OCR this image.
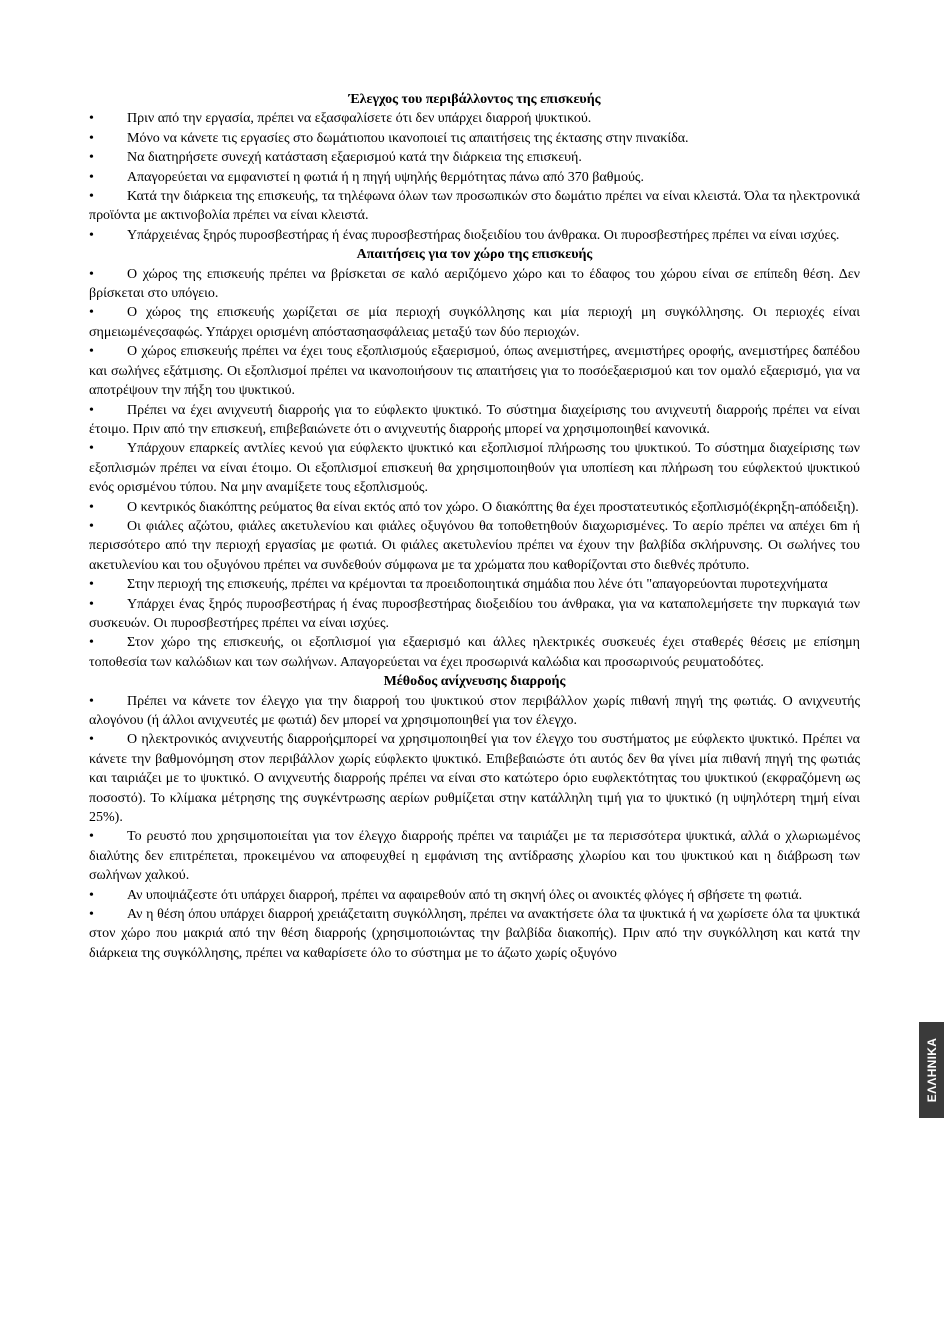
Έλεγχος του περιβάλλοντος της επισκευής

• Πριν από την εργασία, πρέπει να εξασφαλίσετε ότι δεν υπάρχει διαρροή ψυκτικού.

• Μόνο να κάνετε τις εργασίες στο δωμάτιοπου ικανοποιεί τις απαιτήσεις της έκτασης στην πινακίδα.

• Να διατηρήσετε συνεχή κατάσταση εξαερισμού κατά την διάρκεια της επισκευή.

• Απαγορεύεται να εμφανιστεί η φωτιά ή η πηγή υψηλής θερμότητας πάνω από 370 βαθμούς.

• Κατά την διάρκεια της επισκευής, τα τηλέφωνα όλων των προσωπικών στο δωμάτιο πρέπει να είναι κλειστά. Όλα τα ηλεκτρονικά προϊόντα με ακτινοβολία πρέπει να είναι κλειστά.

• Υπάρχειένας ξηρός πυροσβεστήρας ή ένας πυροσβεστήρας διοξειδίου του άνθρακα. Οι πυροσβεστήρες πρέπει να είναι ισχύες.

Απαιτήσεις για τον χώρο της επισκευής

• Ο χώρος της επισκευής πρέπει να βρίσκεται σε καλό αεριζόμενο χώρο και το έδαφος του χώρου είναι σε επίπεδη θέση. Δεν βρίσκεται στο υπόγειο.

• Ο χώρος της επισκευής χωρίζεται σε μία περιοχή συγκόλλησης και μία περιοχή μη συγκόλλησης. Οι περιοχές είναι σημειωμένεςσαφώς. Υπάρχει ορισμένη απόστασηασφάλειας μεταξύ των δύο περιοχών.

• Ο χώρος επισκευής πρέπει να έχει τους εξοπλισμούς εξαερισμού, όπως ανεμιστήρες, ανεμιστήρες οροφής, ανεμιστήρες δαπέδου και σωλήνες εξάτμισης. Οι εξοπλισμοί πρέπει να ικανοποιήσουν τις απαιτήσεις για το ποσόεξαερισμού και τον ομαλό εξαερισμό, για να αποτρέψουν την πήξη του ψυκτικού.

• Πρέπει να έχει ανιχνευτή διαρροής για το εύφλεκτο ψυκτικό. Το σύστημα διαχείρισης του ανιχνευτή διαρροής πρέπει να είναι έτοιμο. Πριν από την επισκευή, επιβεβαιώνετε ότι ο ανιχνευτής διαρροής μπορεί να χρησιμοποιηθεί κανονικά.

• Υπάρχουν επαρκείς αντλίες κενού για εύφλεκτο ψυκτικό και εξοπλισμοί πλήρωσης του ψυκτικού. Το σύστημα διαχείρισης των εξοπλισμών πρέπει να είναι έτοιμο. Οι εξοπλισμοί επισκευή θα χρησιμοποιηθούν για υποπίεση και πλήρωση του εύφλεκτού ψυκτικού ενός ορισμένου τύπου. Να μην αναμίξετε τους εξοπλισμούς.

• Ο κεντρικός διακόπτης ρεύματος θα είναι εκτός από τον χώρο. Ο διακόπτης θα έχει προστατευτικός εξοπλισμό(έκρηξη-απόδειξη).

• Οι φιάλες αζώτου, φιάλες ακετυλενίου και φιάλες οξυγόνου θα τοποθετηθούν διαχωρισμένες. Το αερίο πρέπει να απέχει 6m ή περισσότερο από την περιοχή εργασίας με φωτιά. Οι φιάλες ακετυλενίου πρέπει να έχουν την βαλβίδα σκλήρυνσης. Οι σωλήνες του ακετυλενίου και του οξυγόνου πρέπει να συνδεθούν σύμφωνα με τα χρώματα που καθορίζονται στο διεθνές πρότυπο.

• Στην περιοχή της επισκευής, πρέπει να κρέμονται τα προειδοποιητικά σημάδια που λένε ότι "απαγορεύονται πυροτεχνήματα

• Υπάρχει ένας ξηρός πυροσβεστήρας ή ένας πυροσβεστήρας διοξειδίου του άνθρακα, για να καταπολεμήσετε την πυρκαγιά των συσκευών. Οι πυροσβεστήρες πρέπει να είναι ισχύες.

• Στον χώρο της επισκευής, οι εξοπλισμοί για εξαερισμό και άλλες ηλεκτρικές συσκευές έχει σταθερές θέσεις με επίσημη τοποθεσία των καλώδιων και των σωλήνων. Απαγορεύεται να έχει προσωρινά καλώδια και προσωρινούς ρευματοδότες.

Μέθοδος ανίχνευσης διαρροής

• Πρέπει να κάνετε τον έλεγχο για την διαρροή του ψυκτικού στον περιβάλλον χωρίς πιθανή πηγή της φωτιάς. Ο ανιχνευτής αλογόνου (ή άλλοι ανιχνευτές με φωτιά) δεν μπορεί να χρησιμοποιηθεί για τον έλεγχο.

• Ο ηλεκτρονικός ανιχνευτής διαρροήςμπορεί να χρησιμοποιηθεί για τον έλεγχο του συστήματος με εύφλεκτο ψυκτικό. Πρέπει να κάνετε την βαθμονόμηση στον περιβάλλον χωρίς εύφλεκτο ψυκτικό. Επιβεβαιώστε ότι αυτός δεν θα γίνει μία πιθανή πηγή της φωτιάς και ταιριάζει με το ψυκτικό. Ο ανιχνευτής διαρροής πρέπει να είναι στο κατώτερο όριο ευφλεκτότητας του ψυκτικού (εκφραζόμενη ως ποσοστό). Το κλίμακα μέτρησης της συγκέντρωσης αερίων ρυθμίζεται στην κατάλληλη τιμή για το ψυκτικό (η υψηλότερη τημή είναι 25%).

• Το ρευστό που χρησιμοποιείται για τον έλεγχο διαρροής πρέπει να ταιριάζει με τα περισσότερα ψυκτικά, αλλά ο χλωριωμένος διαλύτης δεν επιτρέπεται, προκειμένου να αποφευχθεί η εμφάνιση της αντίδρασης χλωρίου και του ψυκτικού και η διάβρωση των σωλήνων χαλκού.

• Αν υποψιάζεστε ότι υπάρχει διαρροή, πρέπει να αφαιρεθούν από τη σκηνή όλες οι ανοικτές φλόγες ή σβήσετε τη φωτιά.

• Αν η θέση όπου υπάρχει διαρροή χρειάζεταιτη συγκόλληση, πρέπει να ανακτήσετε όλα τα ψυκτικά ή να χωρίσετε όλα τα ψυκτικά στον χώρο που μακριά από την θέση διαρροής (χρησιμοποιώντας την βαλβίδα διακοπής). Πριν από την συγκόλληση και κατά την διάρκεια της συγκόλλησης, πρέπει να καθαρίσετε όλο το σύστημα με το άζωτο χωρίς οξυγόνο

ΕΛΛΗΝΙΚΑ
